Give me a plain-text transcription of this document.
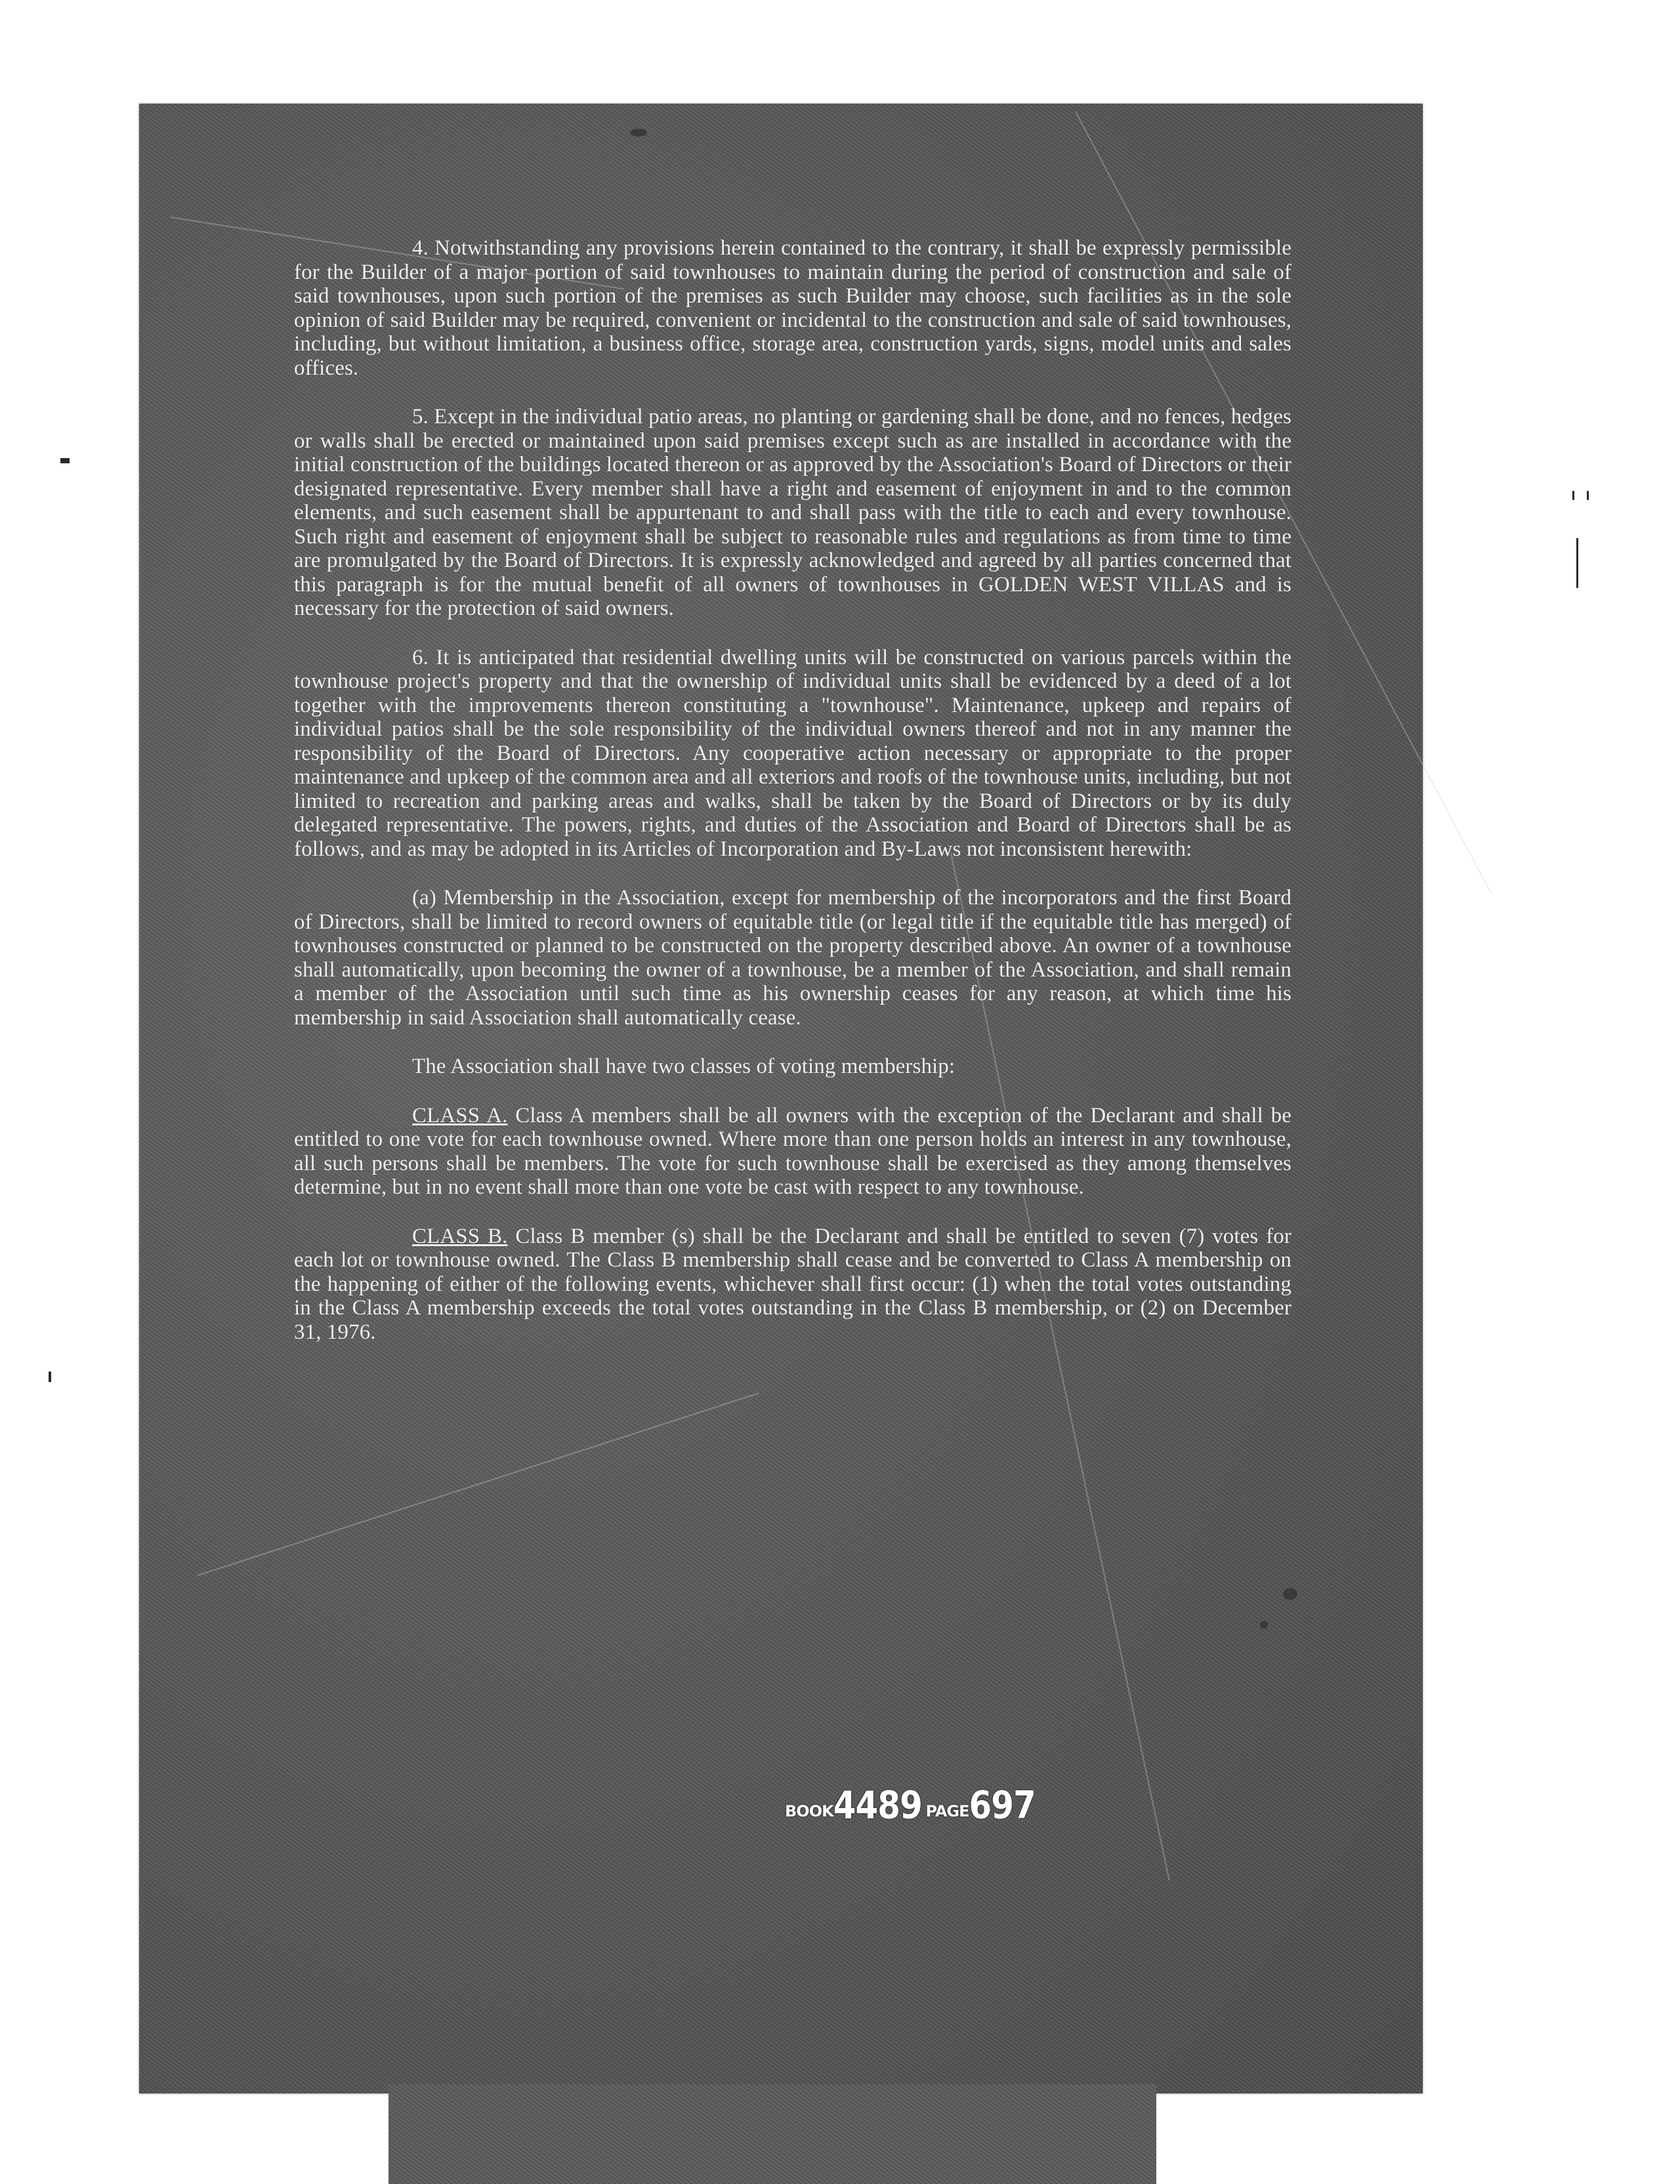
4. Notwithstanding any provisions herein contained to the contrary, it shall be expressly permissible for the Builder of a major portion of said townhouses to maintain during the period of construction and sale of said townhouses, upon such portion of the premises as such Builder may choose, such facilities as in the sole opinion of said Builder may be required, convenient or incidental to the construction and sale of said townhouses, including, but without limitation, a business office, storage area, construction yards, signs, model units and sales offices.

5. Except in the individual patio areas, no planting or gardening shall be done, and no fences, hedges or walls shall be erected or maintained upon said premises except such as are installed in accordance with the initial construction of the buildings located thereon or as approved by the Association's Board of Directors or their designated representative. Every member shall have a right and easement of enjoyment in and to the common elements, and such easement shall be appurtenant to and shall pass with the title to each and every townhouse. Such right and easement of enjoyment shall be subject to reasonable rules and regulations as from time to time are promulgated by the Board of Directors. It is expressly acknowledged and agreed by all parties concerned that this paragraph is for the mutual benefit of all owners of townhouses in GOLDEN WEST VILLAS and is necessary for the protection of said owners.

6. It is anticipated that residential dwelling units will be constructed on various parcels within the townhouse project's property and that the ownership of individual units shall be evidenced by a deed of a lot together with the improvements thereon constituting a "townhouse". Maintenance, upkeep and repairs of individual patios shall be the sole responsibility of the individual owners thereof and not in any manner the responsibility of the Board of Directors. Any cooperative action necessary or appropriate to the proper maintenance and upkeep of the common area and all exteriors and roofs of the townhouse units, including, but not limited to recreation and parking areas and walks, shall be taken by the Board of Directors or by its duly delegated representative. The powers, rights, and duties of the Association and Board of Directors shall be as follows, and as may be adopted in its Articles of Incorporation and By-Laws not inconsistent herewith:

(a) Membership in the Association, except for membership of the incorporators and the first Board of Directors, shall be limited to record owners of equitable title (or legal title if the equitable title has merged) of townhouses constructed or planned to be constructed on the property described above. An owner of a townhouse shall automatically, upon becoming the owner of a townhouse, be a member of the Association, and shall remain a member of the Association until such time as his ownership ceases for any reason, at which time his membership in said Association shall automatically cease.

The Association shall have two classes of voting membership:

CLASS A. Class A members shall be all owners with the exception of the Declarant and shall be entitled to one vote for each townhouse owned. Where more than one person holds an interest in any townhouse, all such persons shall be members. The vote for such townhouse shall be exercised as they among themselves determine, but in no event shall more than one vote be cast with respect to any townhouse.

CLASS B. Class B member (s) shall be the Declarant and shall be entitled to seven (7) votes for each lot or townhouse owned. The Class B membership shall cease and be converted to Class A membership on the happening of either of the following events, whichever shall first occur: (1) when the total votes outstanding in the Class A membership exceeds the total votes outstanding in the Class B membership, or (2) on December 31, 1976.

BOOK4489 PAGE697
